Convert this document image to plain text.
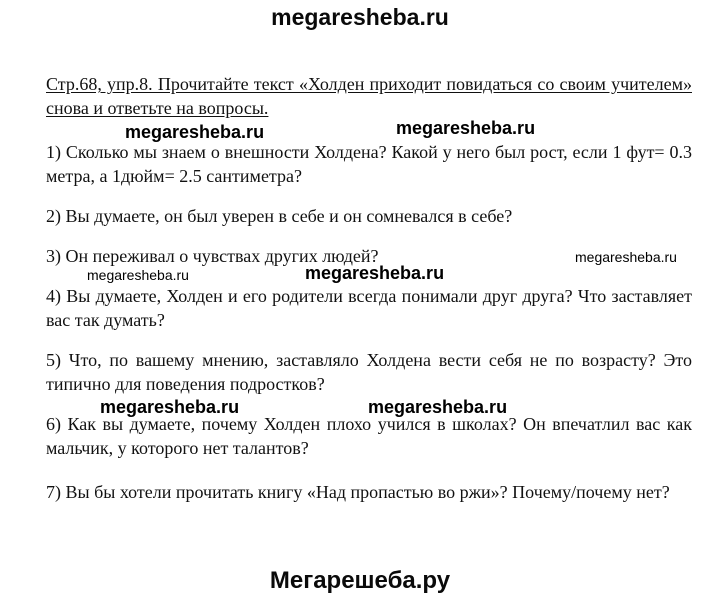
megaresheba.ru

Стр.68, упр.8. Прочитайте текст «Холден приходит повидаться со своим учителем» снова и ответьте на вопросы.

1) Сколько мы знаем о внешности Холдена? Какой у него был рост, если 1 фут= 0.3 метра, а 1дюйм= 2.5 сантиметра?

2) Вы думаете, он был уверен в себе и он сомневался в себе?

3) Он переживал о чувствах других людей?

4) Вы думаете, Холден и его родители всегда понимали друг друга? Что заставляет вас так думать?

5) Что, по вашему мнению, заставляло Холдена вести себя не по возрасту? Это типично для поведения подростков?

6) Как вы думаете, почему Холден плохо учился в школах? Он впечатлил вас как мальчик, у которого нет талантов?

7) Вы бы хотели прочитать книгу «Над пропастью во ржи»? Почему/почему нет?

megaresheba.ru	megaresheba.ru
megaresheba.ru
megaresheba.ru	megaresheba.ru
megaresheba.ru	megaresheba.ru
Мегарешеба.ру
